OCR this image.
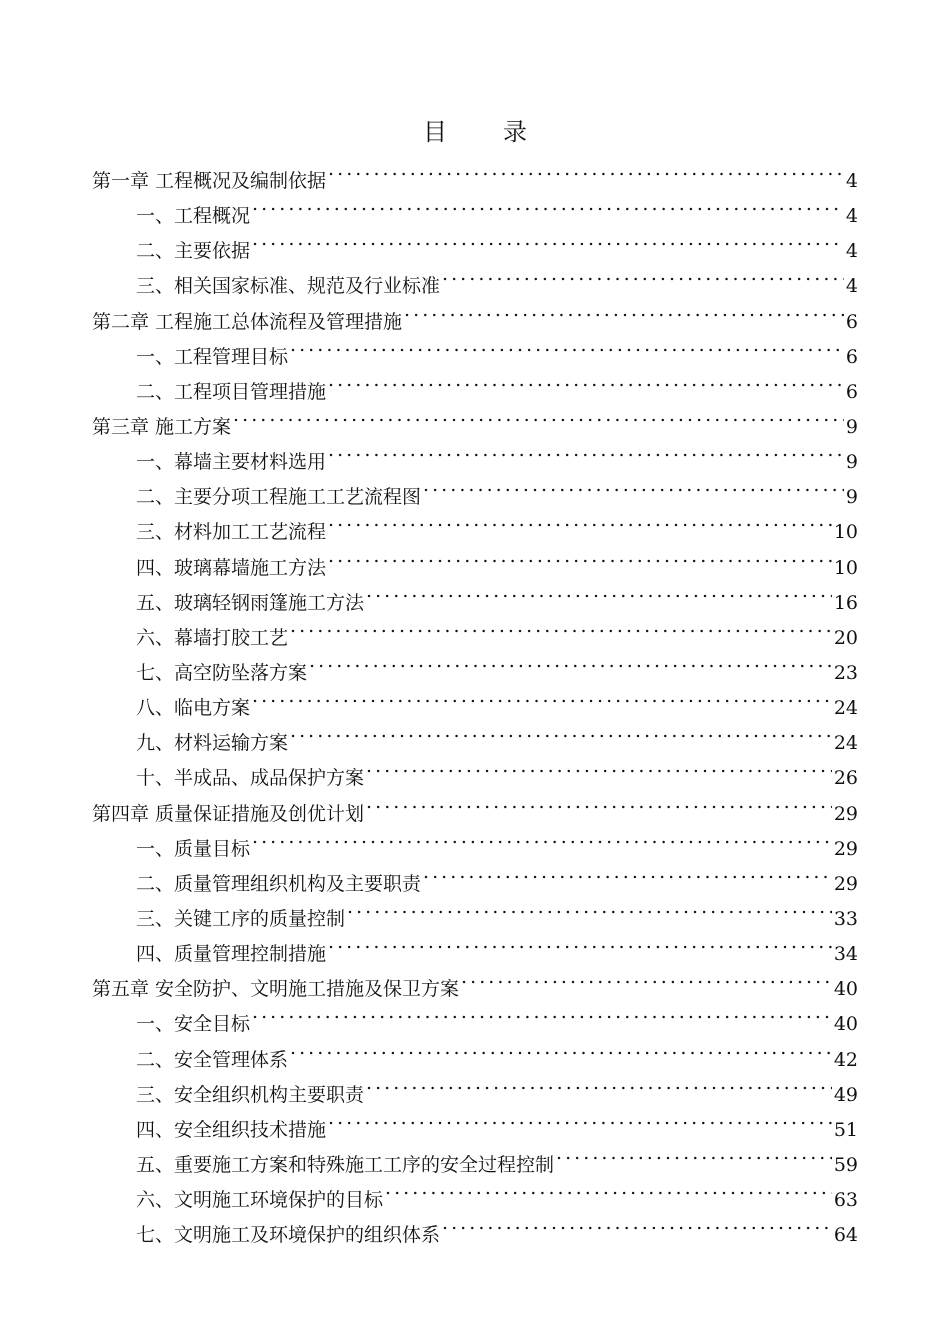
目 录
第一章 工程概况及编制依据 . . .	4
一、工程概况 . . .	4
二、主要依据 . . .	4
三、相关国家标准、规范及行业标准 . . .	4
第二章 工程施工总体流程及管理措施 . . .	6
一、工程管理目标 . . .	6
二、工程项目管理措施 . . .	6
第三章 施工方案 . . .	9
一、幕墙主要材料选用 . . .	9
二、主要分项工程施工工艺流程图 . . .	9
三、材料加工工艺流程 . . .	10
四、玻璃幕墙施工方法 . . .	10
五、玻璃轻钢雨篷施工方法 . . .	16
六、幕墙打胶工艺 . . .	20
七、高空防坠落方案 . . .	23
八、临电方案 . . .	24
九、材料运输方案 . . .	24
十、半成品、成品保护方案 . . .	26
第四章 质量保证措施及创优计划 . . .	29
一、质量目标 . . .	29
二、质量管理组织机构及主要职责 . . .	29
三、关键工序的质量控制 . . .	33
四、质量管理控制措施 . . .	34
第五章 安全防护、文明施工措施及保卫方案 . . .	40
一、安全目标 . . .	40
二、安全管理体系 . . .	42
三、安全组织机构主要职责 . . .	49
四、安全组织技术措施 . . .	51
五、重要施工方案和特殊施工工序的安全过程控制 . . .	59
六、文明施工环境保护的目标 . . .	63
七、文明施工及环境保护的组织体系 . . .	64
